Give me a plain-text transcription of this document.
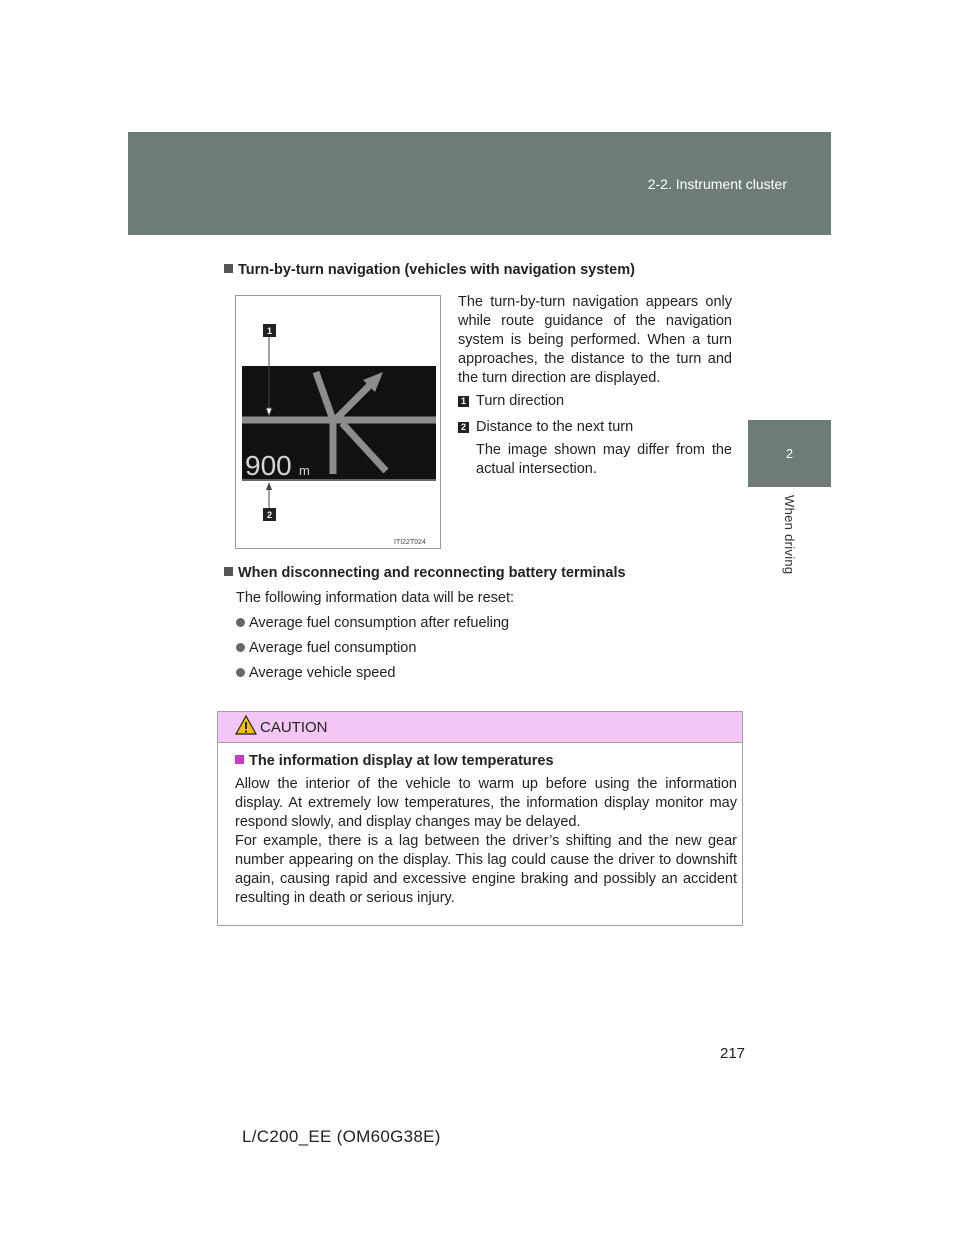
2-2. Instrument cluster
2
When driving
Turn-by-turn navigation (vehicles with navigation system)
900 m
1
2
ITI22T024
The turn-by-turn navigation appears only while route guidance of the navigation system is being performed. When a turn approaches, the distance to the turn and the turn direction are displayed.
1 Turn direction
2 Distance to the next turn
The image shown may differ from the actual intersection.
When disconnecting and reconnecting battery terminals
The following information data will be reset:
Average fuel consumption after refueling
Average fuel consumption
Average vehicle speed
CAUTION
The information display at low temperatures

Allow the interior of the vehicle to warm up before using the information display. At extremely low temperatures, the information display monitor may respond slowly, and display changes may be delayed.

For example, there is a lag between the driver’s shifting and the new gear number appearing on the display. This lag could cause the driver to downshift again, causing rapid and excessive engine braking and possibly an accident resulting in death or serious injury.

217
L/C200_EE (OM60G38E)
